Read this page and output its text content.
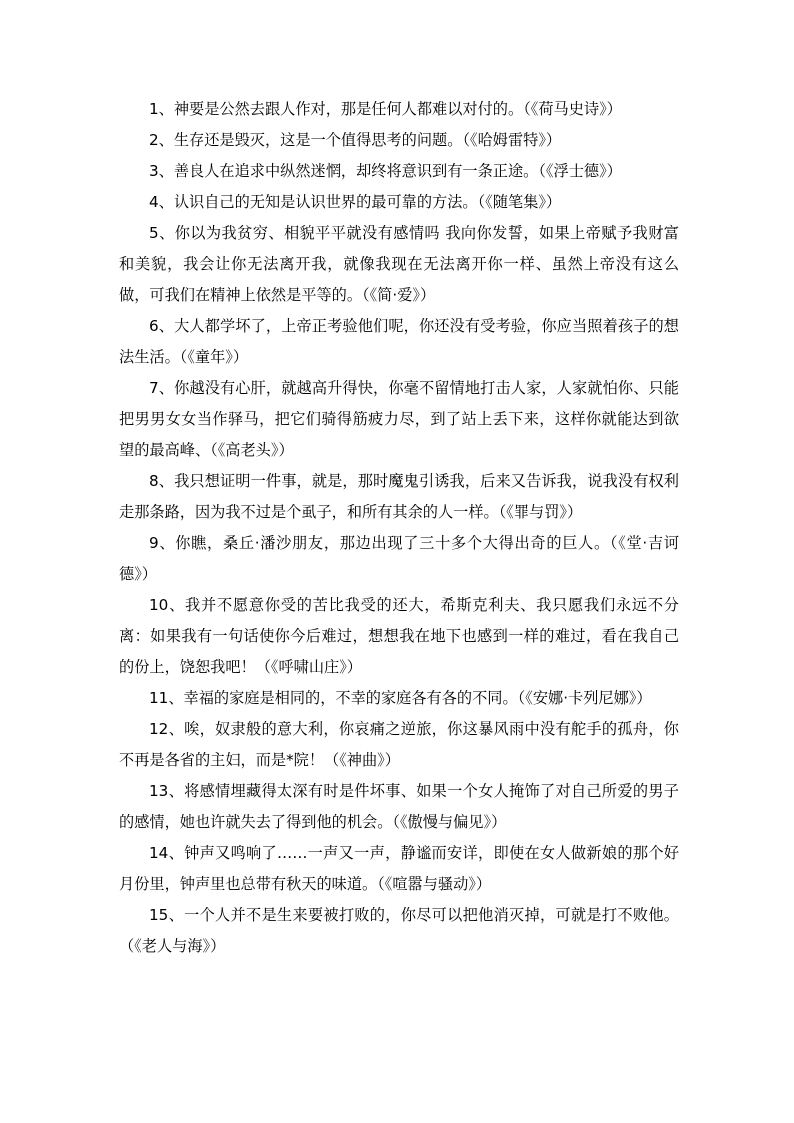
1、神要是公然去跟人作对，那是任何人都难以对付的。（《荷马史诗》）

2、生存还是毁灭，这是一个值得思考的问题。（《哈姆雷特》）

3、善良人在追求中纵然迷惘，却终将意识到有一条正途。（《浮士德》）

4、认识自己的无知是认识世界的最可靠的方法。（《随笔集》）

5、你以为我贫穷、相貌平平就没有感情吗 我向你发誓，如果上帝赋予我财富和美貌，我会让你无法离开我，就像我现在无法离开你一样、虽然上帝没有这么做，可我们在精神上依然是平等的。（《简·爱》）

6、大人都学坏了，上帝正考验他们呢，你还没有受考验，你应当照着孩子的想法生活。（《童年》）

7、你越没有心肝，就越高升得快，你毫不留情地打击人家，人家就怕你、只能把男男女女当作驿马，把它们骑得筋疲力尽，到了站上丢下来，这样你就能达到欲望的最高峰、（《高老头》）

8、我只想证明一件事，就是，那时魔鬼引诱我，后来又告诉我，说我没有权利走那条路，因为我不过是个虱子，和所有其余的人一样。（《罪与罚》）

9、你瞧，桑丘·潘沙朋友，那边出现了三十多个大得出奇的巨人。（《堂·吉诃德》）

10、我并不愿意你受的苦比我受的还大，希斯克利夫、我只愿我们永远不分离：如果我有一句话使你今后难过，想想我在地下也感到一样的难过，看在我自己的份上，饶恕我吧！（《呼啸山庄》）

11、幸福的家庭是相同的，不幸的家庭各有各的不同。（《安娜·卡列尼娜》）

12、唉，奴隶般的意大利，你哀痛之逆旅，你这暴风雨中没有舵手的孤舟，你不再是各省的主妇，而是*院！（《神曲》）

13、将感情埋藏得太深有时是件坏事、如果一个女人掩饰了对自己所爱的男子的感情，她也许就失去了得到他的机会。（《傲慢与偏见》）

14、钟声又鸣响了……一声又一声，静谧而安详，即使在女人做新娘的那个好月份里，钟声里也总带有秋天的味道。（《喧嚣与骚动》）

15、一个人并不是生来要被打败的，你尽可以把他消灭掉，可就是打不败他。（《老人与海》）
